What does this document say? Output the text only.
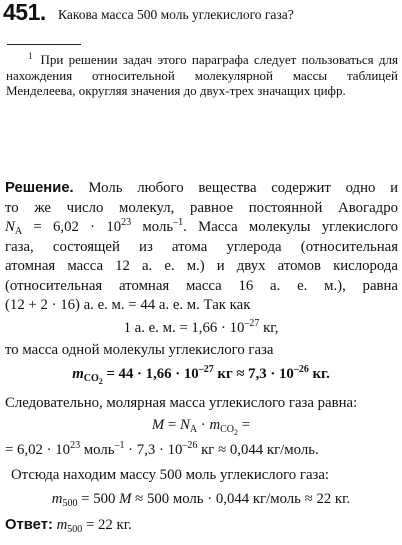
451. Какова масса 500 моль углекислого газа?
$^1$ При решении задач этого параграфа следует пользоваться для нахождения относительной молекулярной массы таблицей Менделеева, округляя значения до двух-трех значащих цифр.
Решение. Моль любого вещества содержит одно и
то же число молекул, равное постоянной Авогадро
$N_A = 6,02 \cdot 10^{23}$ моль$^{-1}$. Масса молекулы углекислого
газа, состоящей из атома углерода (относительная
атомная масса 12 а. е. м.) и двух атомов кислорода
(относительная атомная масса 16 а. е. м.), равна
(12 + 2 · 16) а. е. м. = 44 а. е. м. Так как
1 а. е. м. = $1,66 \cdot 10^{-27}$ кг,
то масса одной молекулы углекислого газа
$m_{CO_2} = 44 \cdot 1,66 \cdot 10^{-27}$ кг ≈ $7,3 \cdot 10^{-26}$ кг.
Следовательно, молярная масса углекислого газа равна:
$M = N_A \cdot m_{CO_2}$ =
= $6,02 \cdot 10^{23}$ моль$^{-1}$ · $7,3 \cdot 10^{-26}$ кг ≈ 0,044 кг/моль.
Отсюда находим массу 500 моль углекислого газа:
$m_{500} = 500$ M ≈ 500 моль · 0,044 кг/моль ≈ 22 кг.
Ответ: $m_{500} = 22$ кг.
